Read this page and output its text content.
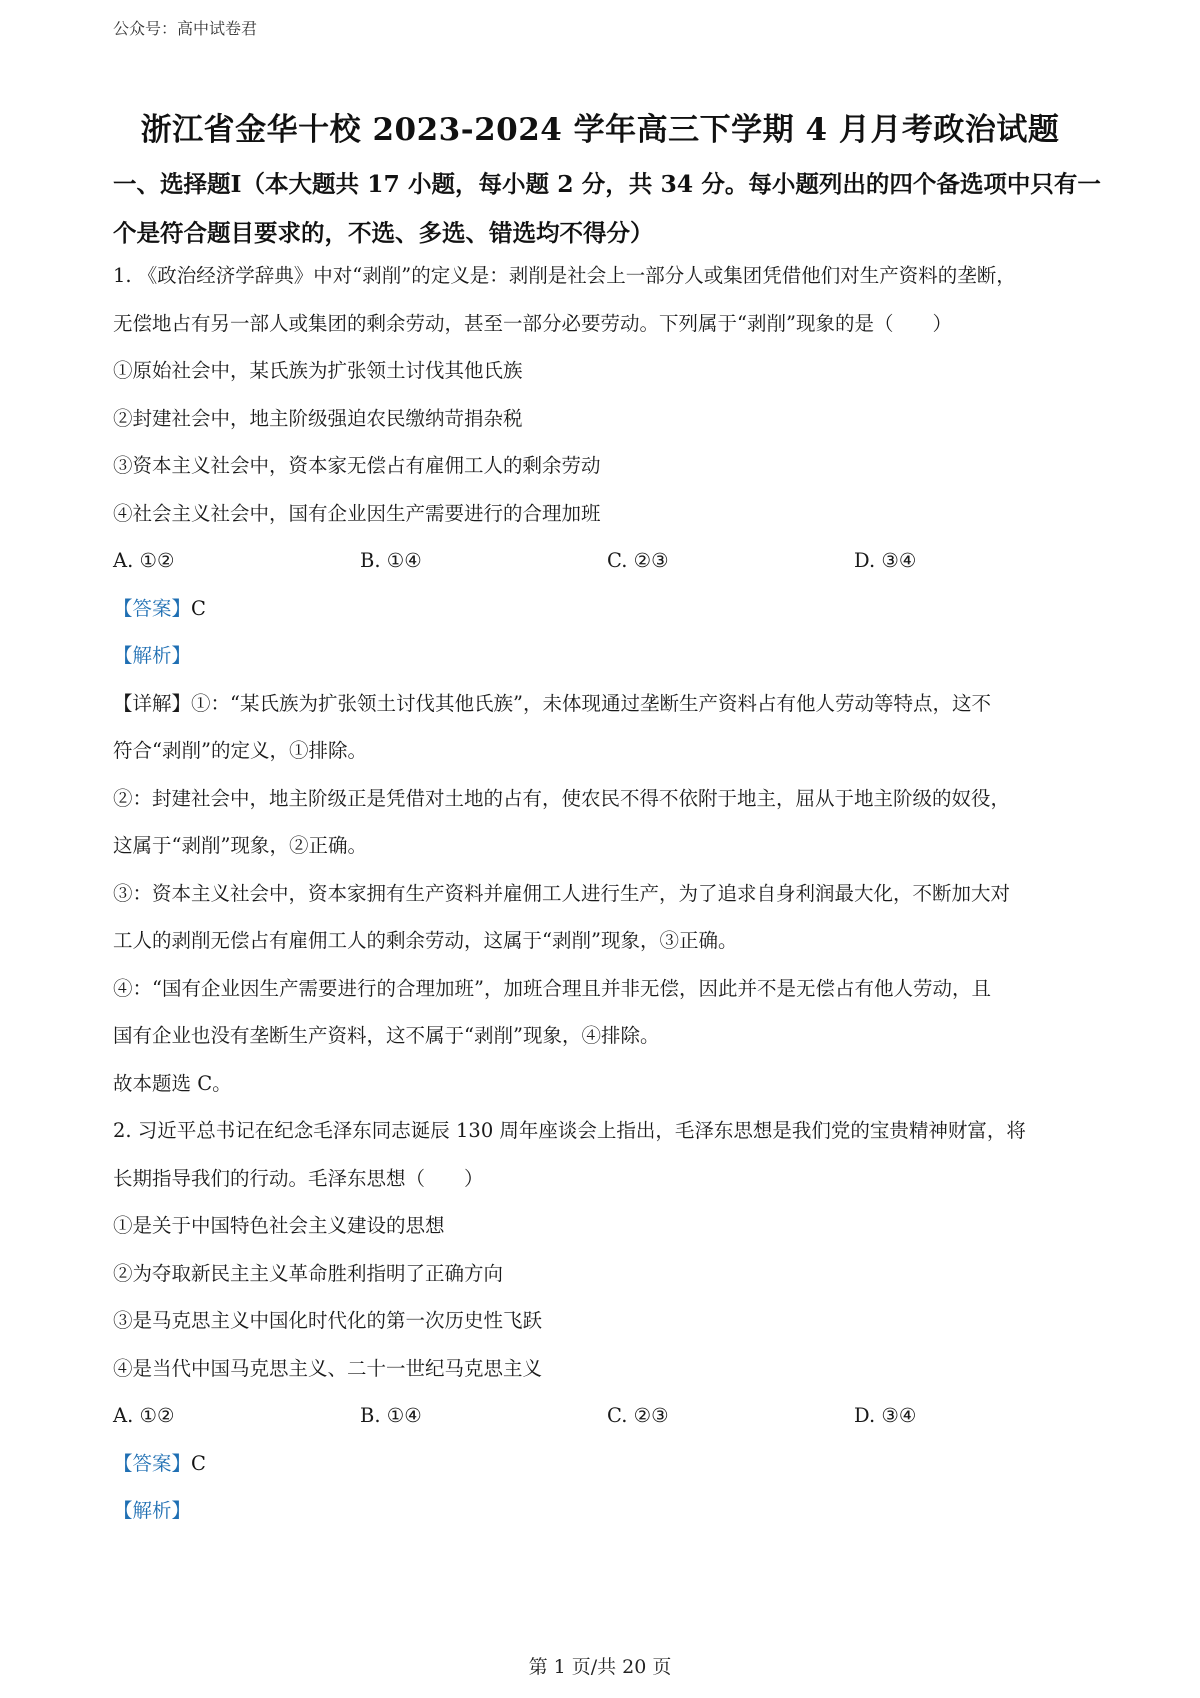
公众号：高中试卷君
浙江省金华十校 2023-2024 学年高三下学期 4 月月考政治试题
一、选择题Ⅰ（本大题共 17 小题，每小题 2 分，共 34 分。每小题列出的四个备选项中只有一
个是符合题目要求的，不选、多选、错选均不得分）
1. 《政治经济学辞典》中对“剥削”的定义是：剥削是社会上一部分人或集团凭借他们对生产资料的垄断，
无偿地占有另一部人或集团的剩余劳动，甚至一部分必要劳动。下列属于“剥削”现象的是（　　）
①原始社会中，某氏族为扩张领土讨伐其他氏族
②封建社会中，地主阶级强迫农民缴纳苛捐杂税
③资本主义社会中，资本家无偿占有雇佣工人的剩余劳动
④社会主义社会中，国有企业因生产需要进行的合理加班
A. ①②	B. ①④	C. ②③	D. ③④
【答案】C
【解析】
【详解】①：“某氏族为扩张领土讨伐其他氏族”，未体现通过垄断生产资料占有他人劳动等特点，这不
符合“剥削”的定义，①排除。
②：封建社会中，地主阶级正是凭借对土地的占有，使农民不得不依附于地主，屈从于地主阶级的奴役，
这属于“剥削”现象，②正确。
③：资本主义社会中，资本家拥有生产资料并雇佣工人进行生产，为了追求自身利润最大化，不断加大对
工人的剥削无偿占有雇佣工人的剩余劳动，这属于“剥削”现象，③正确。
④：“国有企业因生产需要进行的合理加班”，加班合理且并非无偿，因此并不是无偿占有他人劳动，且
国有企业也没有垄断生产资料，这不属于“剥削”现象，④排除。
故本题选 C。
2. 习近平总书记在纪念毛泽东同志诞辰 130 周年座谈会上指出，毛泽东思想是我们党的宝贵精神财富，将
长期指导我们的行动。毛泽东思想（　　）
①是关于中国特色社会主义建设的思想
②为夺取新民主主义革命胜利指明了正确方向
③是马克思主义中国化时代化的第一次历史性飞跃
④是当代中国马克思主义、二十一世纪马克思主义
A. ①②	B. ①④	C. ②③	D. ③④
【答案】C
【解析】
第 1 页/共 20 页
